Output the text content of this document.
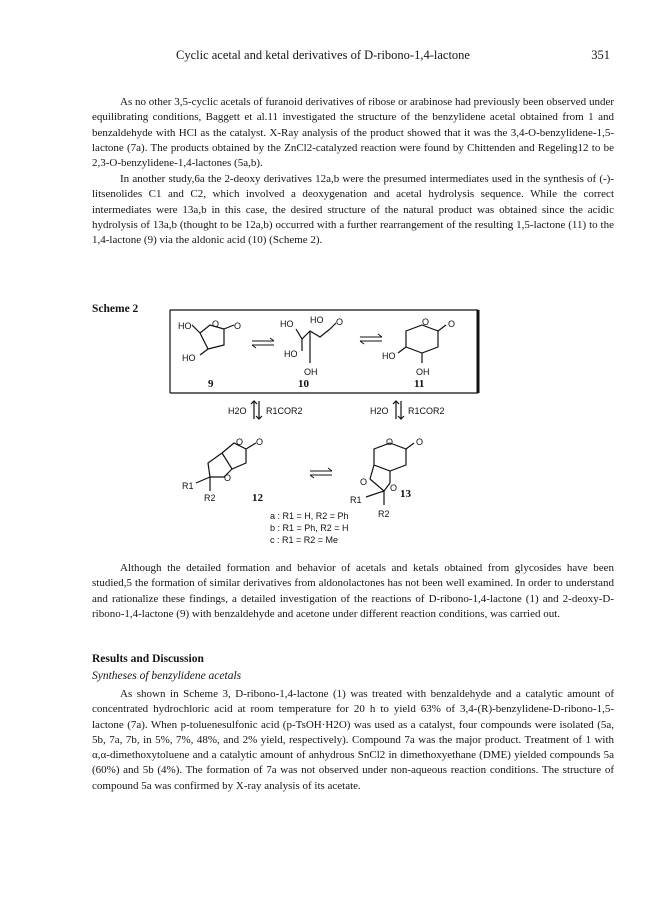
Cyclic acetal and ketal derivatives of D-ribono-1,4-lactone	351

As no other 3,5-cyclic acetals of furanoid derivatives of ribose or arabinose had previously been observed under equilibrating conditions, Baggett et al.11 investigated the structure of the benzylidene acetal obtained from 1 and benzaldehyde with HCl as the catalyst. X-Ray analysis of the product showed that it was the 3,4-O-benzylidene-1,5-lactone (7a). The products obtained by the ZnCl2-catalyzed reaction were found by Chittenden and Regeling12 to be 2,3-O-benzylidene-1,4-lactones (5a,b).

In another study,6a the 2-deoxy derivatives 12a,b were the presumed intermediates used in the synthesis of (-)-litsenolides C1 and C2, which involved a deoxygenation and acetal hydrolysis sequence. While the correct intermediates were 13a,b in this case, the desired structure of the natural product was obtained since the acidic hydrolysis of 13a,b (thought to be 12a,b) occurred with a further rearrangement of the resulting 1,5-lactone (11) to the 1,4-lactone (9) via the aldonic acid (10) (Scheme 2).

Scheme 2
HO O O
HO
9
HO HO O
HO
OH
10
O O
HO
OH
11
H2O R1COR2	H2O R1COR2
O O
O
R1
R2	12
O	O
O
O
R1
R2
13
a : R1 = H, R2 = Ph
b : R1 = Ph, R2 = H
c : R1 = R2 = Me

Although the detailed formation and behavior of acetals and ketals obtained from glycosides have been studied,5 the formation of similar derivatives from aldonolactones has not been well examined. In order to understand and rationalize these findings, a detailed investigation of the reactions of D-ribono-1,4-lactone (1) and 2-deoxy-D-ribono-1,4-lactone (9) with benzaldehyde and acetone under different reaction conditions, was carried out.

Results and Discussion
Syntheses of benzylidene acetals

As shown in Scheme 3, D-ribono-1,4-lactone (1) was treated with benzaldehyde and a catalytic amount of concentrated hydrochloric acid at room temperature for 20 h to yield 63% of 3,4-(R)-benzylidene-D-ribono-1,5-lactone (7a). When p-toluenesulfonic acid (p-TsOH·H2O) was used as a catalyst, four compounds were isolated (5a, 5b, 7a, 7b, in 5%, 7%, 48%, and 2% yield, respectively). Compound 7a was the major product. Treatment of 1 with α,α-dimethoxytoluene and a catalytic amount of anhydrous SnCl2 in dimethoxyethane (DME) yielded compounds 5a (60%) and 5b (4%). The formation of 7a was not observed under non-aqueous reaction conditions. The structure of compound 5a was confirmed by X-ray analysis of its acetate.
